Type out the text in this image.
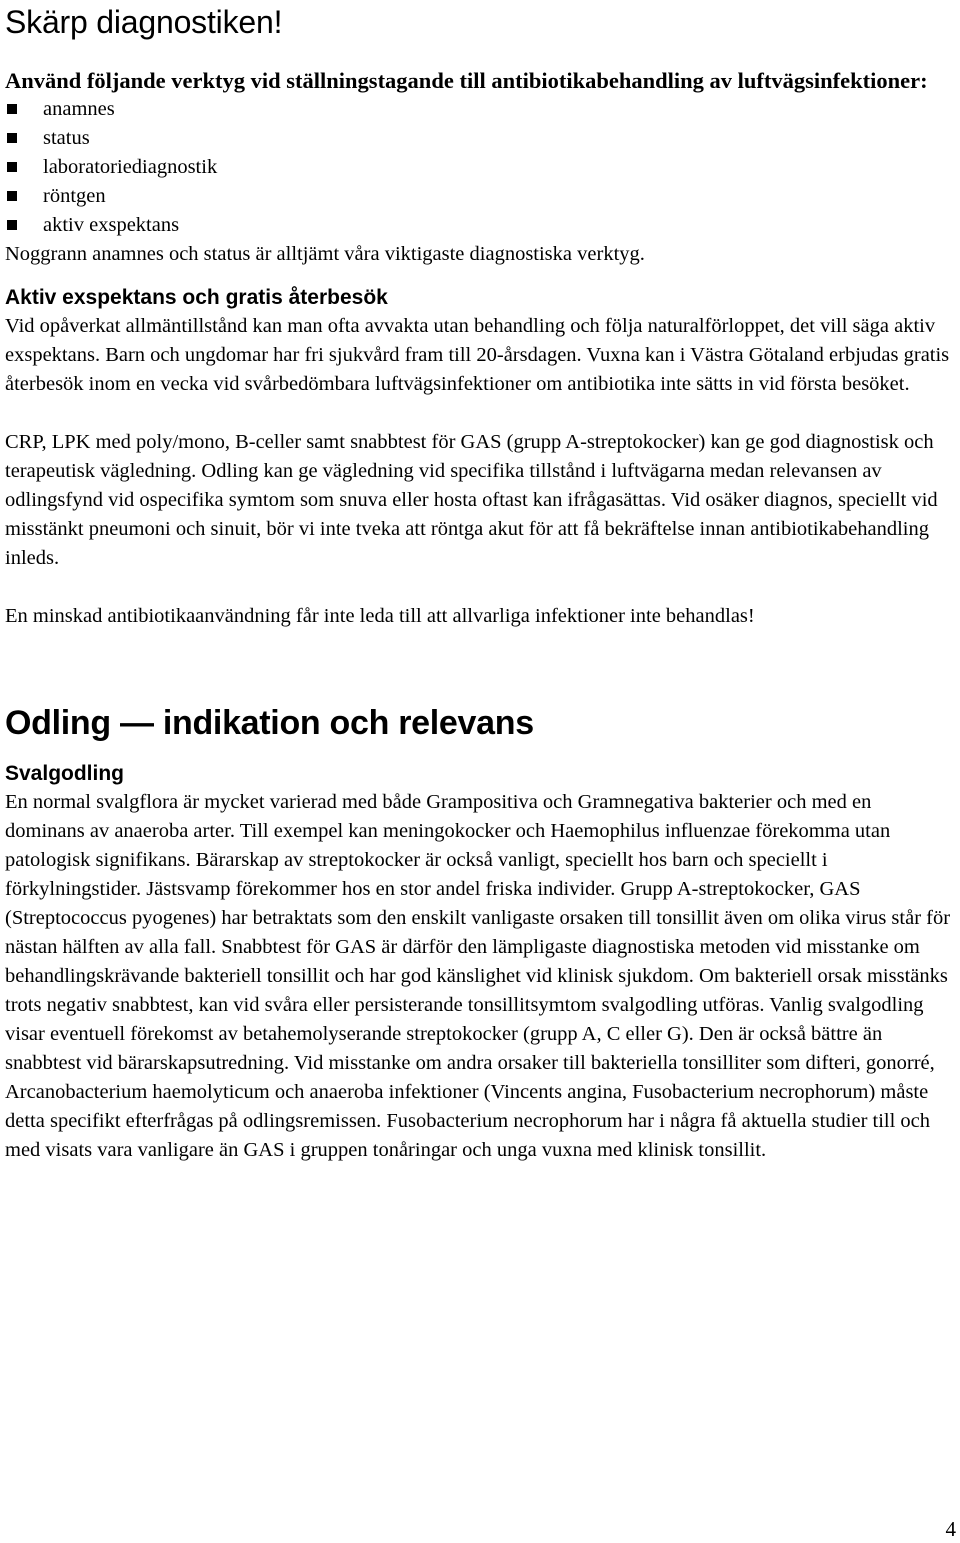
Skärp diagnostiken!

Använd följande verktyg vid ställningstagande till antibiotikabehandling av luftvägsinfektioner:

anamnes
status
laboratoriediagnostik
röntgen
aktiv exspektans

Noggrann anamnes och status är alltjämt våra viktigaste diagnostiska verktyg.

Aktiv exspektans och gratis återbesök

Vid opåverkat allmäntillstånd kan man ofta avvakta utan behandling och följa naturalförloppet, det vill säga aktiv exspektans. Barn och ungdomar har fri sjukvård fram till 20-årsdagen. Vuxna kan i Västra Götaland erbjudas gratis återbesök inom en vecka vid svårbedömbara luftvägsinfektioner om antibiotika inte sätts in vid första besöket.

CRP, LPK med poly/mono, B-celler samt snabbtest för GAS (grupp A-streptokocker) kan ge god diagnostisk och terapeutisk vägledning. Odling kan ge vägledning vid specifika tillstånd i luftvägarna medan relevansen av odlingsfynd vid ospecifika symtom som snuva eller hosta oftast kan ifrågasättas. Vid osäker diagnos, speciellt vid misstänkt pneumoni och sinuit, bör vi inte tveka att röntga akut för att få bekräftelse innan antibiotikabehandling inleds.

En minskad antibiotikaanvändning får inte leda till att allvarliga infektioner inte behandlas!

Odling — indikation och relevans
Svalgodling

En normal svalgflora är mycket varierad med både Grampositiva och Gramnegativa bakterier och med en dominans av anaeroba arter. Till exempel kan meningokocker och Haemophilus influenzae förekomma utan patologisk signifikans. Bärarskap av streptokocker är också vanligt, speciellt hos barn och speciellt i förkylningstider. Jästsvamp förekommer hos en stor andel friska individer. Grupp A-streptokocker, GAS (Streptococcus pyogenes) har betraktats som den enskilt vanligaste orsaken till tonsillit även om olika virus står för nästan hälften av alla fall. Snabbtest för GAS är därför den lämpligaste diagnostiska metoden vid misstanke om behandlingskrävande bakteriell tonsillit och har god känslighet vid klinisk sjukdom. Om bakteriell orsak misstänks trots negativ snabbtest, kan vid svåra eller persisterande tonsillitsymtom svalgodling utföras. Vanlig svalgodling visar eventuell förekomst av betahemolyserande streptokocker (grupp A, C eller G). Den är också bättre än snabbtest vid bärarskapsutredning. Vid misstanke om andra orsaker till bakteriella tonsilliter som difteri, gonorré, Arcanobacterium haemolyticum och anaeroba infektioner (Vincents angina, Fusobacterium necrophorum) måste detta specifikt efterfrågas på odlingsremissen. Fusobacterium necrophorum har i några få aktuella studier till och med visats vara vanligare än GAS i gruppen tonåringar och unga vuxna med klinisk tonsillit.

4
